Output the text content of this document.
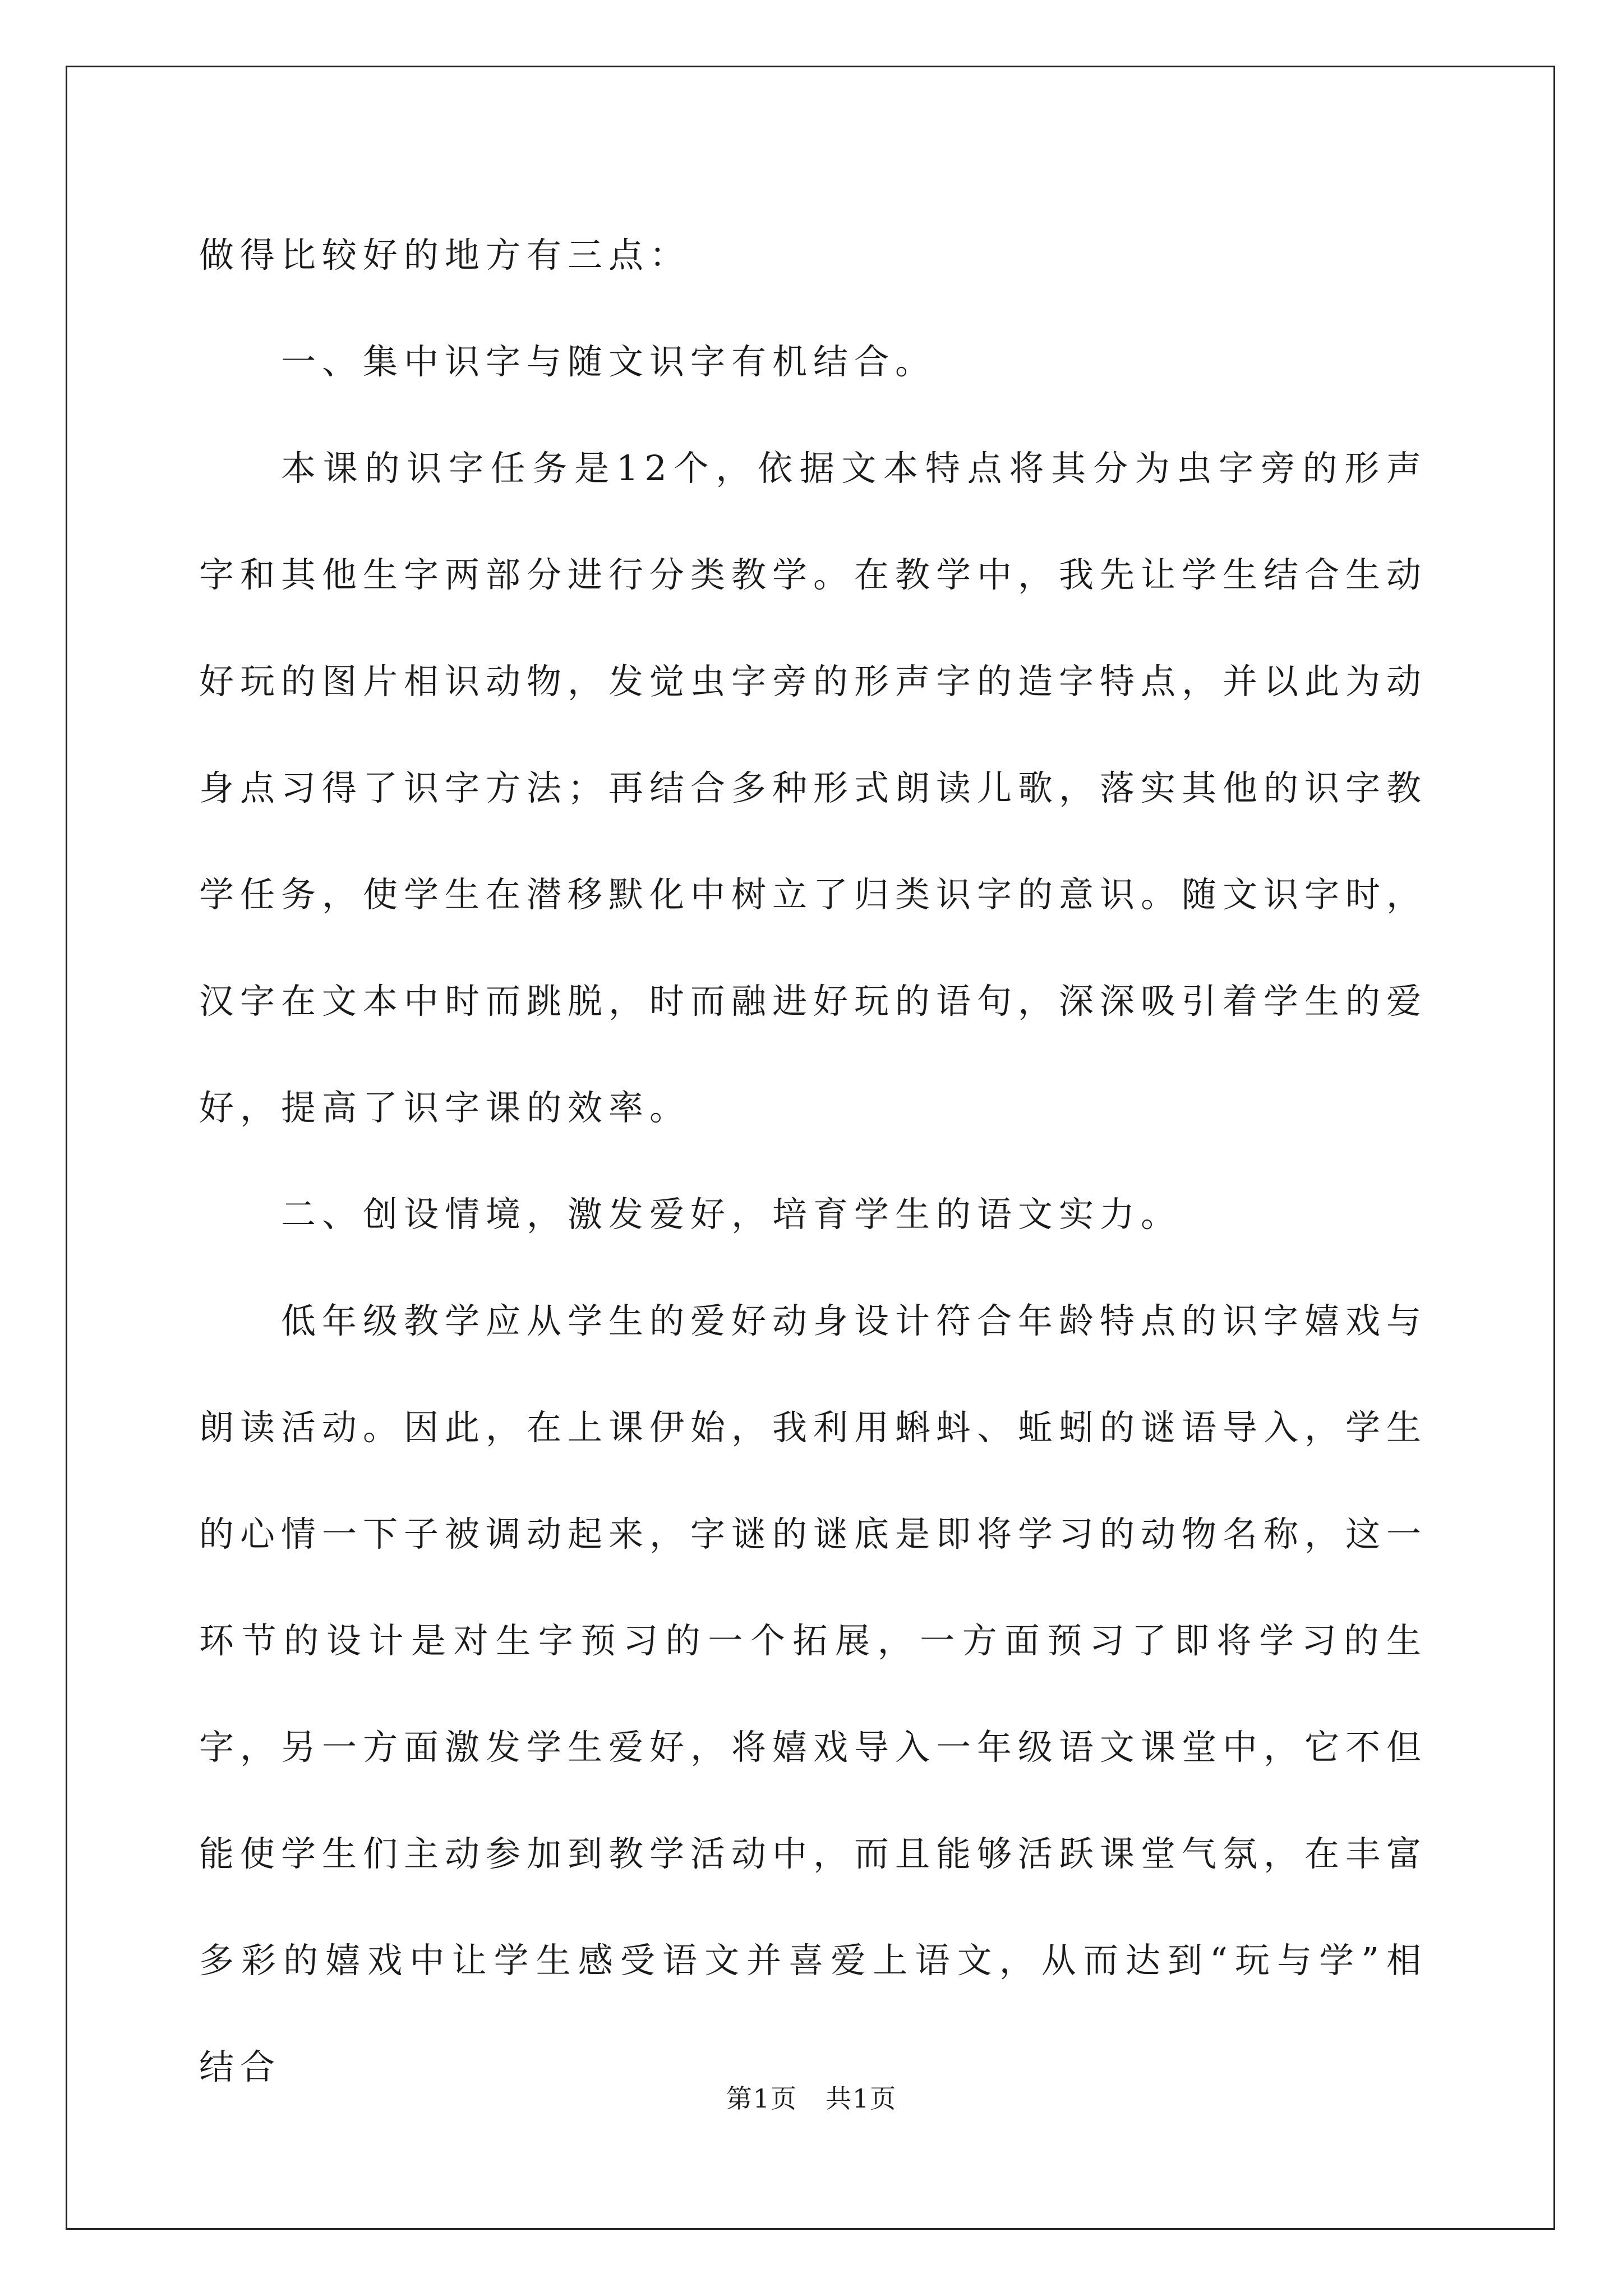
做得比较好的地方有三点：

一、集中识字与随文识字有机结合。

本课的识字任务是12个，依据文本特点将其分为虫字旁的形声字和其他生字两部分进行分类教学。在教学中，我先让学生结合生动好玩的图片相识动物，发觉虫字旁的形声字的造字特点，并以此为动身点习得了识字方法；再结合多种形式朗读儿歌，落实其他的识字教学任务，使学生在潜移默化中树立了归类识字的意识。随文识字时，汉字在文本中时而跳脱，时而融进好玩的语句，深深吸引着学生的爱好，提高了识字课的效率。

二、创设情境，激发爱好，培育学生的语文实力。

低年级教学应从学生的爱好动身设计符合年龄特点的识字嬉戏与朗读活动。因此，在上课伊始，我利用蝌蚪、蚯蚓的谜语导入，学生的心情一下子被调动起来，字谜的谜底是即将学习的动物名称，这一环节的设计是对生字预习的一个拓展，一方面预习了即将学习的生字，另一方面激发学生爱好，将嬉戏导入一年级语文课堂中，它不但能使学生们主动参加到教学活动中，而且能够活跃课堂气氛，在丰富多彩的嬉戏中让学生感受语文并喜爱上语文，从而达到“玩与学”相结合

第1页 共1页
